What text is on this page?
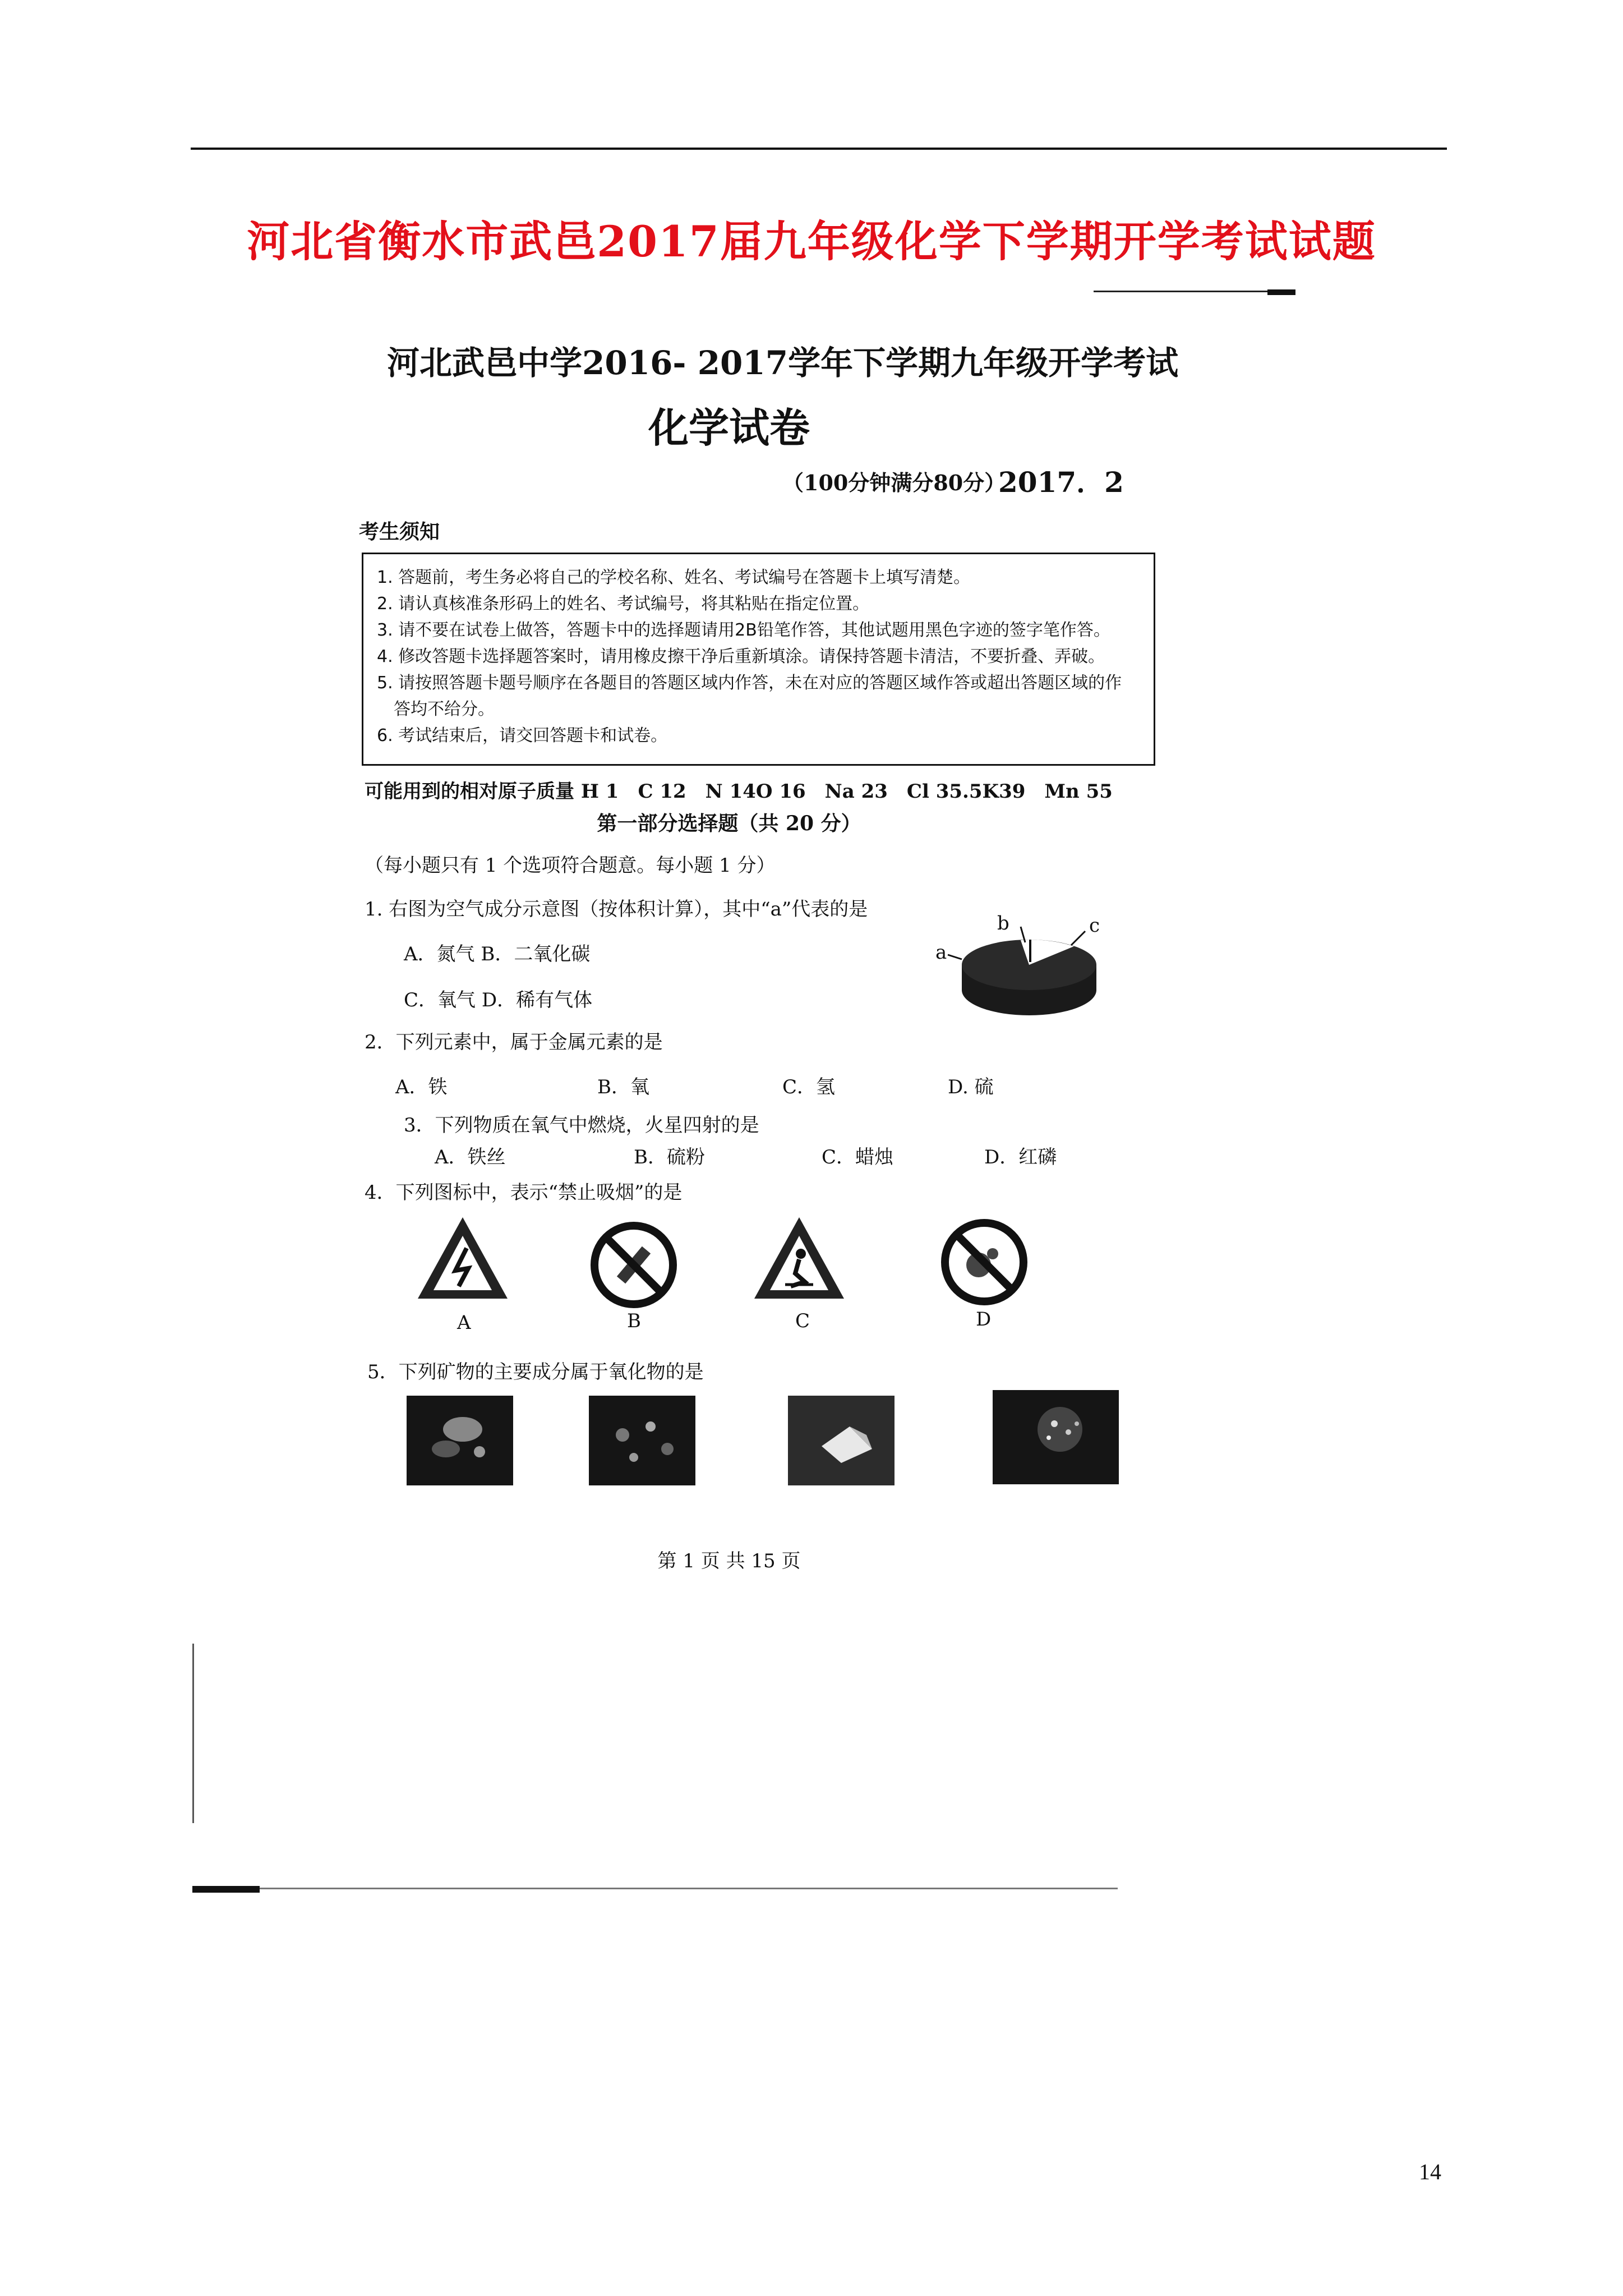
河北省衡水市武邑2017届九年级化学下学期开学考试试题
河北武邑中学2016- 2017学年下学期九年级开学考试
化学试卷
（100分钟满分80分）
2017．2
考生须知
1. 答题前，考生务必将自己的学校名称、姓名、考试编号在答题卡上填写清楚。
2. 请认真核准条形码上的姓名、考试编号，将其粘贴在指定位置。
3. 请不要在试卷上做答，答题卡中的选择题请用2B铅笔作答，其他试题用黑色字迹的签字笔作答。
4. 修改答题卡选择题答案时，请用橡皮擦干净后重新填涂。请保持答题卡清洁，不要折叠、弄破。
5. 请按照答题卡题号顺序在各题目的答题区域内作答，未在对应的答题区域作答或超出答题区域的作
答均不给分。
6. 考试结束后，请交回答题卡和试卷。
可能用到的相对原子质量 H 1　C 12　N 14O 16　Na 23　Cl 35.5K39　Mn 55
第一部分选择题（共 20 分）
（每小题只有 1 个选项符合题意。每小题 1 分）
1. 右图为空气成分示意图（按体积计算），其中“a”代表的是
A．氮气 B．二氧化碳
C．氧气 D．稀有气体
a
b	c
2．下列元素中，属于金属元素的是
A．铁	B．氧	C．氢	D. 硫
3．下列物质在氧气中燃烧，火星四射的是
A．铁丝	B．硫粉	C．蜡烛	D．红磷
4．下列图标中，表示“禁止吸烟”的是
A	B	C	D
5．下列矿物的主要成分属于氧化物的是
第 1 页 共 15 页
14
